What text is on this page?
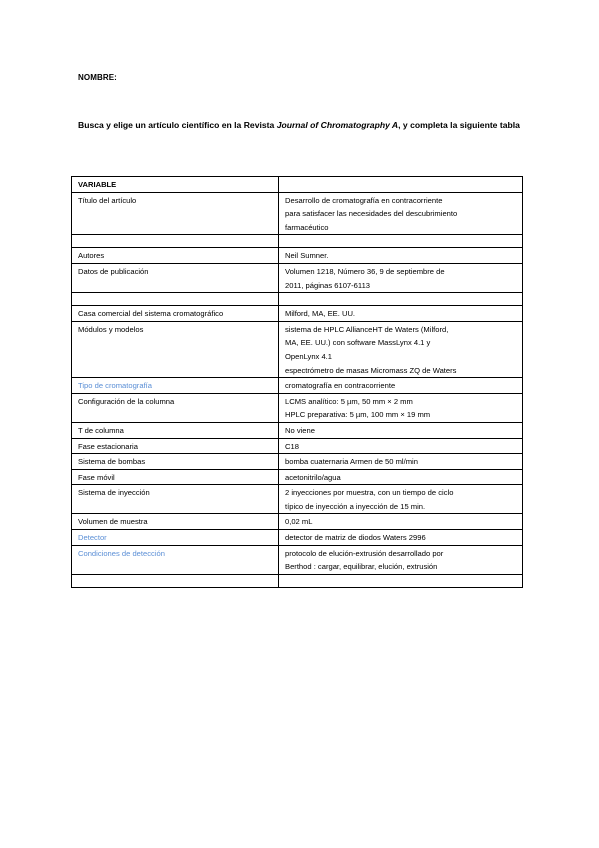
NOMBRE :
Busca y elige un artículo científico en la Revista Journal of Chromatography A, y completa la siguiente tabla
VARIABLE	
Título del artículo	Desarrollo de cromatografía en contracorriente
para satisfacer las necesidades del descubrimiento
farmacéutico

Autores	Neil Sumner.
Datos de publicación	Volumen 1218, Número 36, 9 de septiembre de
2011, páginas 6107-6113

Casa comercial del sistema cromatográfico	Milford, MA, EE. UU.
Módulos y modelos	sistema de HPLC AllianceHT de Waters (Milford,
MA, EE. UU.) con software MassLynx 4.1 y
OpenLynx 4.1
espectrómetro de masas Micromass ZQ de Waters
Tipo de cromatografía	cromatografía en contracorriente
Configuración de la columna	LCMS analítico: 5 µm, 50 mm × 2 mm
HPLC preparativa: 5 µm, 100 mm × 19 mm
T de columna	No viene
Fase estacionaria	C18
Sistema de bombas	bomba cuaternaria Armen de 50 ml/min
Fase móvil	acetonitrilo/agua
Sistema de inyección	2 inyecciones por muestra, con un tiempo de ciclo
típico de inyección a inyección de 15 min.
Volumen de muestra	0,02 mL
Detector	detector de matriz de diodos Waters 2996
Condiciones de detección	protocolo de elución-extrusión desarrollado por
Berthod : cargar, equilibrar, elución, extrusión
